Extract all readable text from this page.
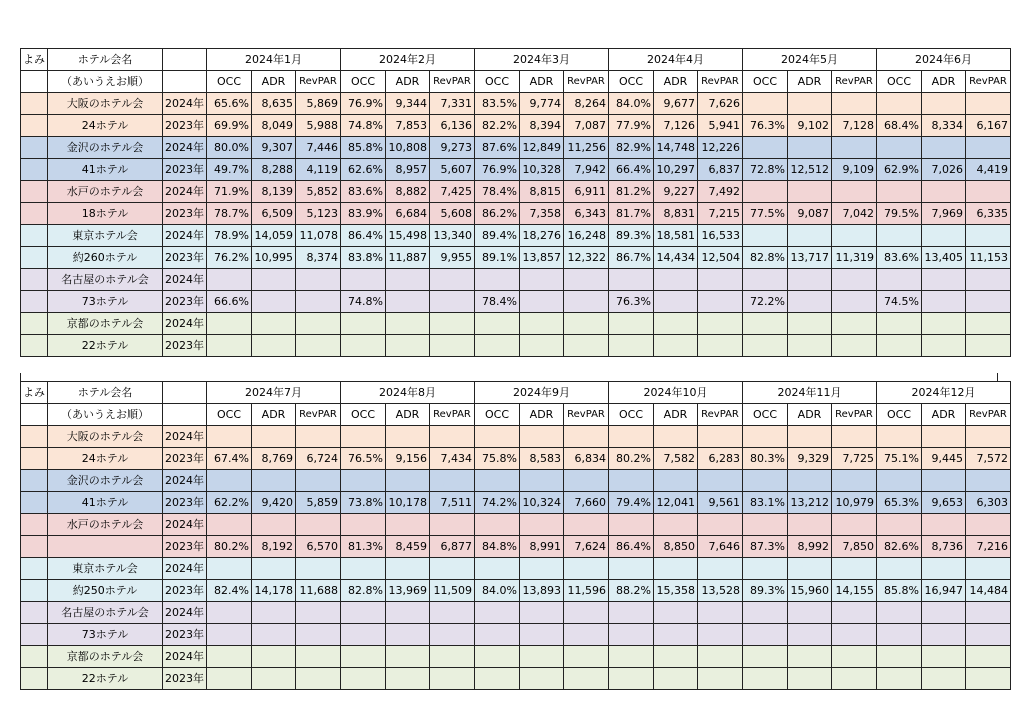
よみ	ホテル会名		2024年1月			2024年2月			2024年3月			2024年4月			2024年5月			2024年6月		
	（あいうえお順）		OCC	ADR	RevPAR	OCC	ADR	RevPAR	OCC	ADR	RevPAR	OCC	ADR	RevPAR	OCC	ADR	RevPAR	OCC	ADR	RevPAR
	大阪のホテル会	2024年	65.6%	8,635	5,869	76.9%	9,344	7,331	83.5%	9,774	8,264	84.0%	9,677	7,626						
	24ホテル	2023年	69.9%	8,049	5,988	74.8%	7,853	6,136	82.2%	8,394	7,087	77.9%	7,126	5,941	76.3%	9,102	7,128	68.4%	8,334	6,167
	金沢のホテル会	2024年	80.0%	9,307	7,446	85.8%	10,808	9,273	87.6%	12,849	11,256	82.9%	14,748	12,226						
	41ホテル	2023年	49.7%	8,288	4,119	62.6%	8,957	5,607	76.9%	10,328	7,942	66.4%	10,297	6,837	72.8%	12,512	9,109	62.9%	7,026	4,419
	水戸のホテル会	2024年	71.9%	8,139	5,852	83.6%	8,882	7,425	78.4%	8,815	6,911	81.2%	9,227	7,492						
	18ホテル	2023年	78.7%	6,509	5,123	83.9%	6,684	5,608	86.2%	7,358	6,343	81.7%	8,831	7,215	77.5%	9,087	7,042	79.5%	7,969	6,335
	東京ホテル会	2024年	78.9%	14,059	11,078	86.4%	15,498	13,340	89.4%	18,276	16,248	89.3%	18,581	16,533						
	約260ホテル	2023年	76.2%	10,995	8,374	83.8%	11,887	9,955	89.1%	13,857	12,322	86.7%	14,434	12,504	82.8%	13,717	11,319	83.6%	13,405	11,153
	名古屋のホテル会	2024年																		
	73ホテル	2023年	66.6%			74.8%			78.4%			76.3%			72.2%			74.5%		
	京都のホテル会	2024年																		
	22ホテル	2023年																		
よみ	ホテル会名		2024年7月			2024年8月			2024年9月			2024年10月			2024年11月			2024年12月		
	（あいうえお順）		OCC	ADR	RevPAR	OCC	ADR	RevPAR	OCC	ADR	RevPAR	OCC	ADR	RevPAR	OCC	ADR	RevPAR	OCC	ADR	RevPAR
	大阪のホテル会	2024年																		
	24ホテル	2023年	67.4%	8,769	6,724	76.5%	9,156	7,434	75.8%	8,583	6,834	80.2%	7,582	6,283	80.3%	9,329	7,725	75.1%	9,445	7,572
	金沢のホテル会	2024年																		
	41ホテル	2023年	62.2%	9,420	5,859	73.8%	10,178	7,511	74.2%	10,324	7,660	79.4%	12,041	9,561	83.1%	13,212	10,979	65.3%	9,653	6,303
	水戸のホテル会	2024年																		
		2023年	80.2%	8,192	6,570	81.3%	8,459	6,877	84.8%	8,991	7,624	86.4%	8,850	7,646	87.3%	8,992	7,850	82.6%	8,736	7,216
	東京ホテル会	2024年																		
	約250ホテル	2023年	82.4%	14,178	11,688	82.8%	13,969	11,509	84.0%	13,893	11,596	88.2%	15,358	13,528	89.3%	15,960	14,155	85.8%	16,947	14,484
	名古屋のホテル会	2024年																		
	73ホテル	2023年																		
	京都のホテル会	2024年																		
	22ホテル	2023年																		
